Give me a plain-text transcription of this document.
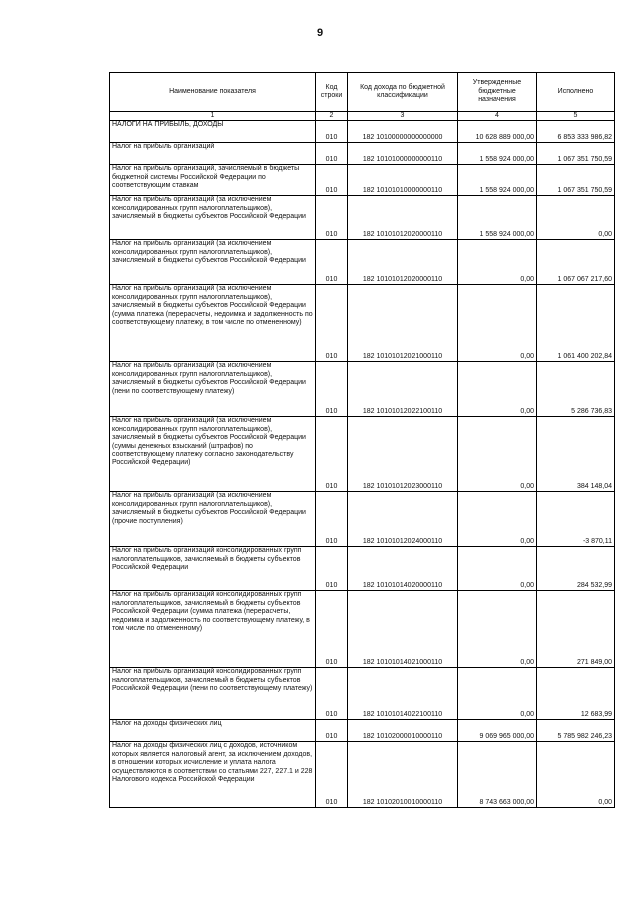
9
Наименование показателя	Код строки	Код дохода по бюджетной классификации	Утвержденные бюджетные назначения	Исполнено
1	2	3	4	5
НАЛОГИ НА ПРИБЫЛЬ, ДОХОДЫ	010	182 10100000000000000	10 628 889 000,00	6 853 333 986,82
Налог на прибыль организаций	010	182 10101000000000110	1 558 924 000,00	1 067 351 750,59
Налог на прибыль организаций, зачисляемый в бюджеты бюджетной системы Российской Федерации по соответствующим ставкам	010	182 10101010000000110	1 558 924 000,00	1 067 351 750,59
Налог на прибыль организаций (за исключением консолидированных групп налогоплательщиков), зачисляемый в бюджеты субъектов Российской Федерации	010	182 10101012020000110	1 558 924 000,00	0,00
Налог на прибыль организаций (за исключением консолидированных групп налогоплательщиков), зачисляемый в бюджеты субъектов Российской Федерации	010	182 10101012020000110	0,00	1 067 067 217,60
Налог на прибыль организаций (за исключением консолидированных групп налогоплательщиков), зачисляемый в бюджеты субъектов Российской Федерации (сумма платежа (перерасчеты, недоимка и задолженность по соответствующему платежу, в том числе по отмененному)	010	182 10101012021000110	0,00	1 061 400 202,84
Налог на прибыль организаций (за исключением консолидированных групп налогоплательщиков), зачисляемый в бюджеты субъектов Российской Федерации (пени по соответствующему платежу)	010	182 10101012022100110	0,00	5 286 736,83
Налог на прибыль организаций (за исключением консолидированных групп налогоплательщиков), зачисляемый в бюджеты субъектов Российской Федерации (суммы денежных взысканий (штрафов) по соответствующему платежу согласно законодательству Российской Федерации)	010	182 10101012023000110	0,00	384 148,04
Налог на прибыль организаций (за исключением консолидированных групп налогоплательщиков), зачисляемый в бюджеты субъектов Российской Федерации (прочие поступления)	010	182 10101012024000110	0,00	-3 870,11
Налог на прибыль организаций консолидированных групп налогоплательщиков, зачисляемый в бюджеты субъектов Российской Федерации	010	182 10101014020000110	0,00	284 532,99
Налог на прибыль организаций консолидированных групп налогоплательщиков, зачисляемый в бюджеты субъектов Российской Федерации (сумма платежа (перерасчеты, недоимка и задолженность по соответствующему платежу, в том числе по отмененному)	010	182 10101014021000110	0,00	271 849,00
Налог на прибыль организаций консолидированных групп налогоплательщиков, зачисляемый в бюджеты субъектов Российской Федерации (пени по соответствующему платежу)	010	182 10101014022100110	0,00	12 683,99
Налог на доходы физических лиц	010	182 10102000010000110	9 069 965 000,00	5 785 982 246,23
Налог на доходы физических лиц с доходов, источником которых является налоговый агент, за исключением доходов, в отношении которых исчисление и уплата налога осуществляются в соответствии со статьями 227, 227.1 и 228 Налогового кодекса Российской Федерации	010	182 10102010010000110	8 743 663 000,00	0,00
